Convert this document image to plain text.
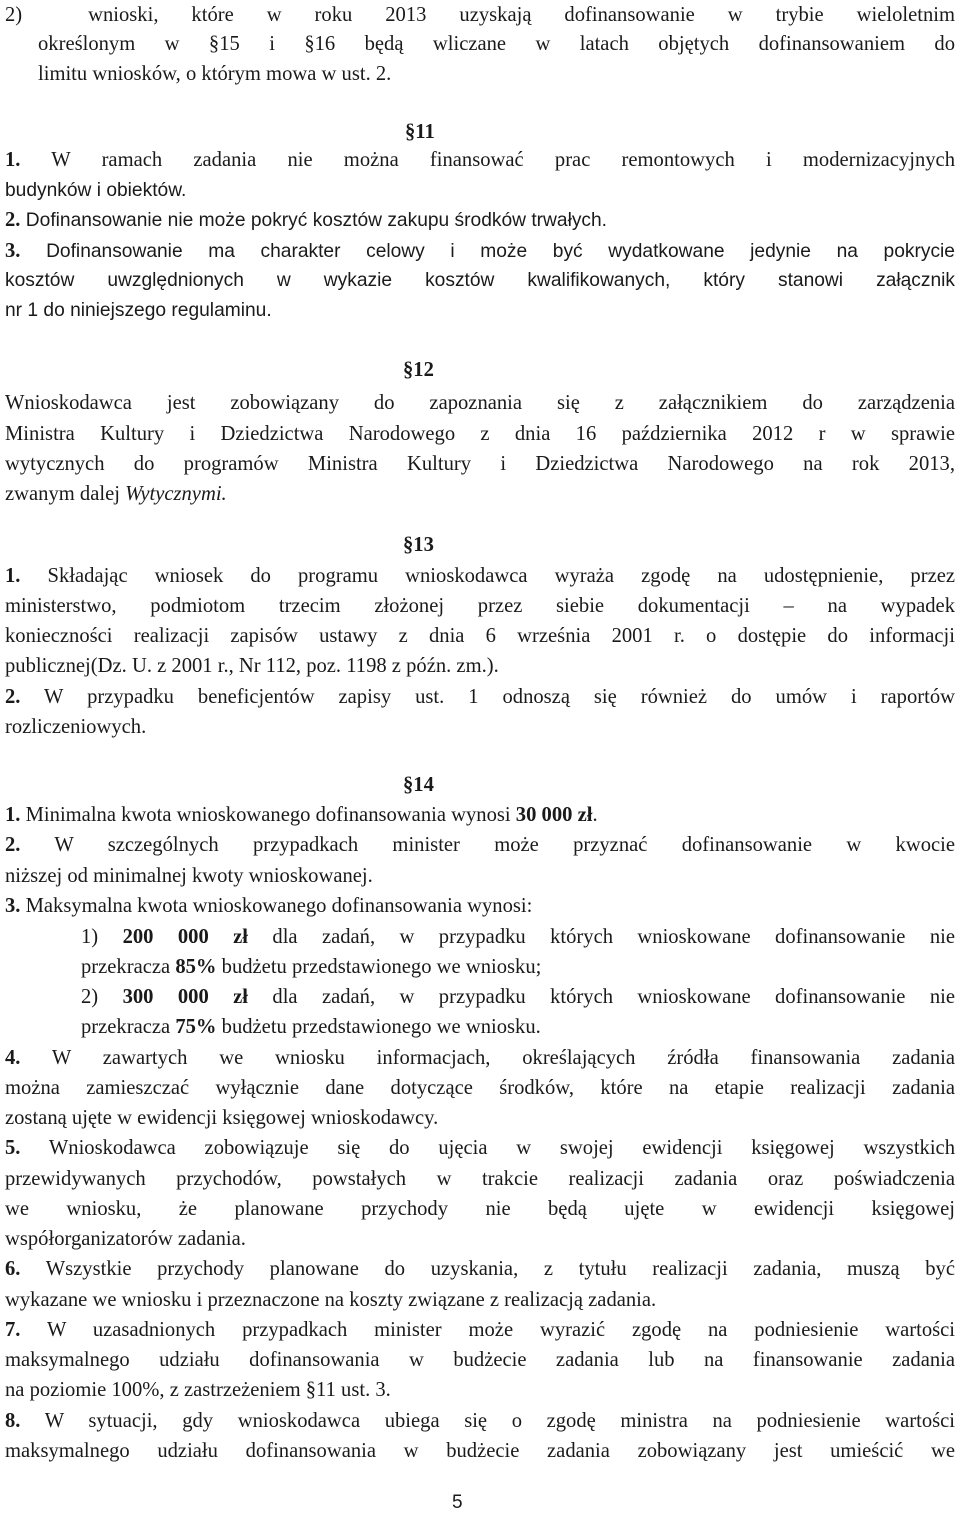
2)	wnioski, które w roku 2013 uzyskają dofinansowanie w trybie wieloletnim
określonym w §15 i §16 będą wliczane w latach objętych dofinansowaniem do
limitu wniosków, o którym mowa w ust. 2.
§11
1. W ramach zadania nie można finansować prac remontowych i modernizacyjnych
budynków i obiektów.
2. Dofinansowanie nie może pokryć kosztów zakupu środków trwałych.
3. Dofinansowanie ma charakter celowy i może być wydatkowane jedynie na pokrycie
kosztów uwzględnionych w wykazie kosztów kwalifikowanych, który stanowi załącznik
nr 1 do niniejszego regulaminu.
§12
Wnioskodawca jest zobowiązany do zapoznania się z załącznikiem do zarządzenia
Ministra Kultury i Dziedzictwa Narodowego z dnia 16 października 2012 r w sprawie
wytycznych do programów Ministra Kultury i Dziedzictwa Narodowego na rok 2013,
zwanym dalej Wytycznymi.
§13
1. Składając wniosek do programu wnioskodawca wyraża zgodę na udostępnienie, przez
ministerstwo, podmiotom trzecim złożonej przez siebie dokumentacji – na wypadek
konieczności realizacji zapisów ustawy z dnia 6 września 2001 r. o dostępie do informacji
publicznej(Dz. U. z 2001 r., Nr 112, poz. 1198 z późn. zm.).
2. W przypadku beneficjentów zapisy ust. 1 odnoszą się również do umów i raportów
rozliczeniowych.
§14
1. Minimalna kwota wnioskowanego dofinansowania wynosi 30 000 zł.
2. W szczególnych przypadkach minister może przyznać dofinansowanie w kwocie
niższej od minimalnej kwoty wnioskowanej.
3. Maksymalna kwota wnioskowanego dofinansowania wynosi:
1) 200 000 zł dla zadań, w przypadku których wnioskowane dofinansowanie nie
przekracza 85% budżetu przedstawionego we wniosku;
2) 300 000 zł dla zadań, w przypadku których wnioskowane dofinansowanie nie
przekracza 75% budżetu przedstawionego we wniosku.
4. W zawartych we wniosku informacjach, określających źródła finansowania zadania
można zamieszczać wyłącznie dane dotyczące środków, które na etapie realizacji zadania
zostaną ujęte w ewidencji księgowej wnioskodawcy.
5. Wnioskodawca zobowiązuje się do ujęcia w swojej ewidencji księgowej wszystkich
przewidywanych przychodów, powstałych w trakcie realizacji zadania oraz poświadczenia
we wniosku, że planowane przychody nie będą ujęte w ewidencji księgowej
współorganizatorów zadania.
6. Wszystkie przychody planowane do uzyskania, z tytułu realizacji zadania, muszą być
wykazane we wniosku i przeznaczone na koszty związane z realizacją zadania.
7. W uzasadnionych przypadkach minister może wyrazić zgodę na podniesienie wartości
maksymalnego udziału dofinansowania w budżecie zadania lub na finansowanie zadania
na poziomie 100%, z zastrzeżeniem §11 ust. 3.
8. W sytuacji, gdy wnioskodawca ubiega się o zgodę ministra na podniesienie wartości
maksymalnego udziału dofinansowania w budżecie zadania zobowiązany jest umieścić we
5
